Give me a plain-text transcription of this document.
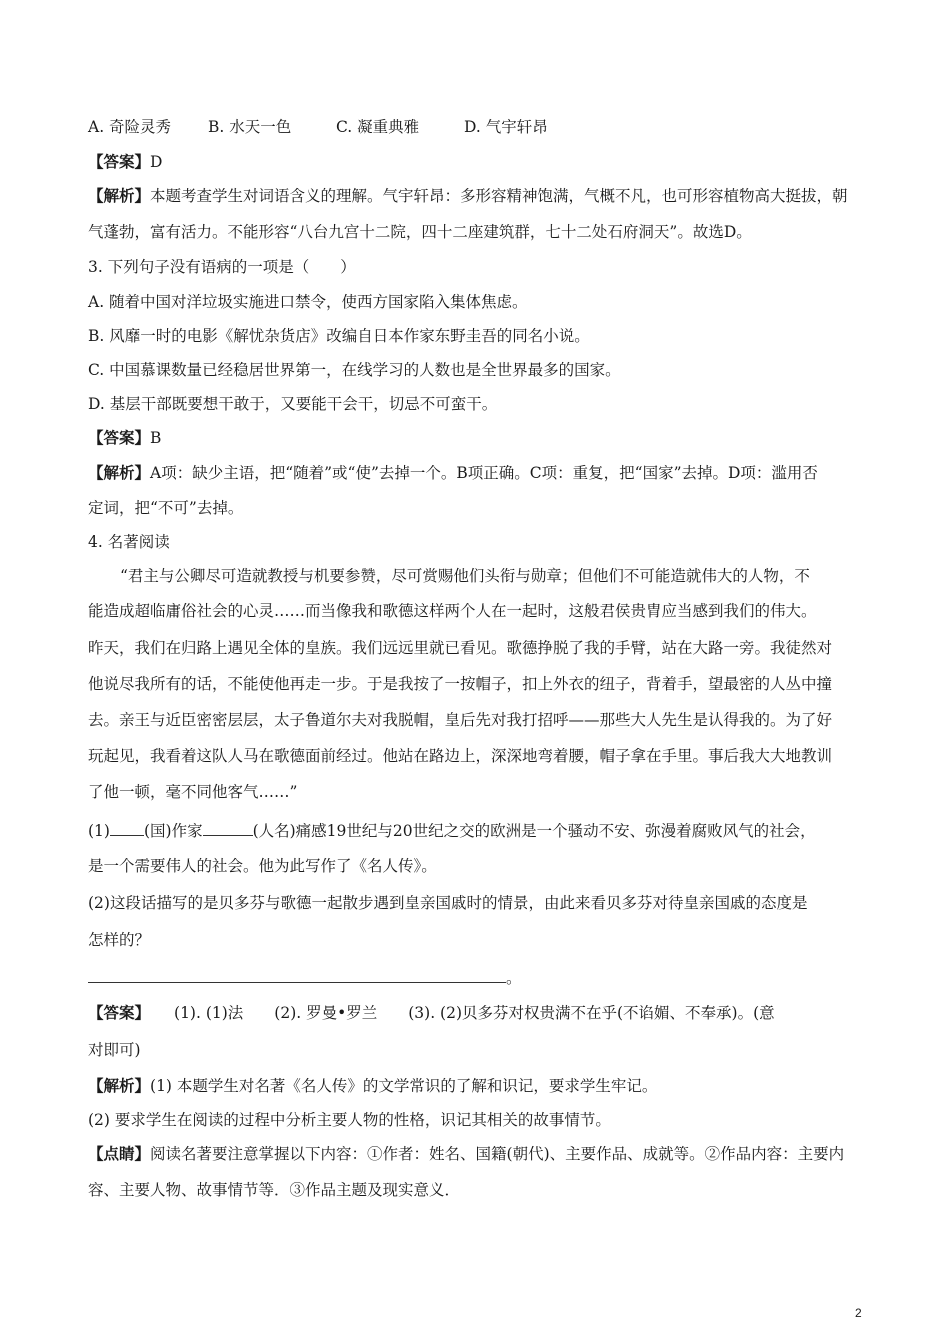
A. 奇险灵秀 B. 水天一色	C. 凝重典雅	D. 气宇轩昂
【答案】D
【解析】本题考查学生对词语含义的理解。气宇轩昂：多形容精神饱满，气概不凡，也可形容植物高大挺拔，朝
气蓬勃，富有活力。不能形容“八台九宫十二院，四十二座建筑群，七十二处石府洞天”。故选D。
3. 下列句子没有语病的一项是（　　）
A. 随着中国对洋垃圾实施进口禁令，使西方国家陷入集体焦虑。
B. 风靡一时的电影《解忧杂货店》改编自日本作家东野圭吾的同名小说。
C. 中国慕课数量已经稳居世界第一，在线学习的人数也是全世界最多的国家。
D. 基层干部既要想干敢于，又要能干会干，切忌不可蛮干。
【答案】B
【解析】A项：缺少主语，把“随着”或“使”去掉一个。B项正确。C项：重复，把“国家”去掉。D项：滥用否
定词，把“不可”去掉。
4. 名著阅读
“君主与公卿尽可造就教授与机要参赞，尽可赏赐他们头衔与勋章；但他们不可能造就伟大的人物，不
能造成超临庸俗社会的心灵……而当像我和歌德这样两个人在一起时，这般君侯贵胄应当感到我们的伟大。
昨天，我们在归路上遇见全体的皇族。我们远远里就已看见。歌德挣脱了我的手臂，站在大路一旁。我徒然对
他说尽我所有的话，不能使他再走一步。于是我按了一按帽子，扣上外衣的纽子，背着手，望最密的人丛中撞
去。亲王与近臣密密层层，太子鲁道尔夫对我脱帽，皇后先对我打招呼——那些大人先生是认得我的。为了好
玩起见，我看着这队人马在歌德面前经过。他站在路边上，深深地弯着腰，帽子拿在手里。事后我大大地教训
了他一顿，毫不同他客气……”
(1) (国)作家	(人名)痛感19世纪与20世纪之交的欧洲是一个骚动不安、弥漫着腐败风气的社会，
是一个需要伟人的社会。他为此写作了《名人传》。
(2)这段话描写的是贝多芬与歌德一起散步遇到皇亲国戚时的情景，由此来看贝多芬对待皇亲国戚的态度是
怎样的？
。
【答案】 (1). (1)法　　(2). 罗曼•罗兰　　(3). (2)贝多芬对权贵满不在乎(不谄媚、不奉承)。(意
对即可)
【解析】(1) 本题学生对名著《名人传》的文学常识的了解和识记，要求学生牢记。
(2) 要求学生在阅读的过程中分析主要人物的性格，识记其相关的故事情节。
【点睛】阅读名著要注意掌握以下内容：①作者：姓名、国籍(朝代)、主要作品、成就等。②作品内容：主要内
容、主要人物、故事情节等．③作品主题及现实意义．
2
